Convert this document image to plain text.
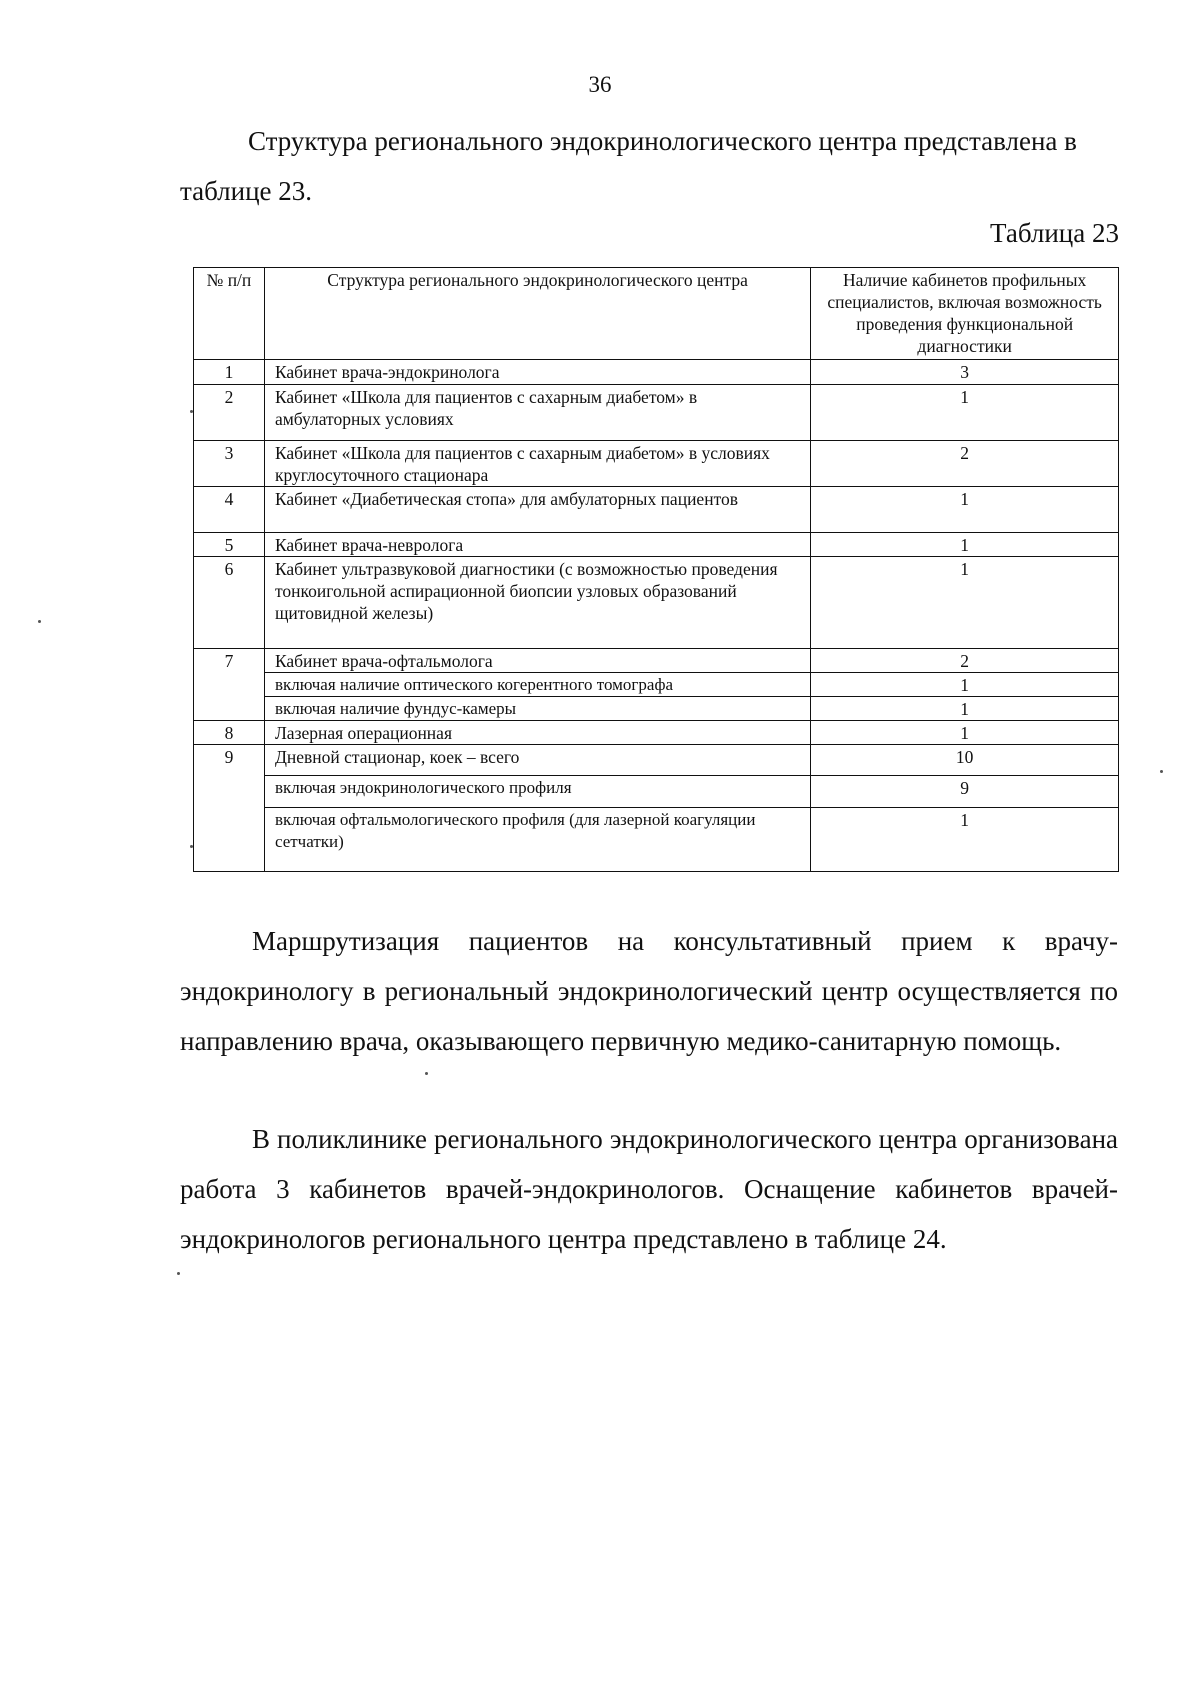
36

Структура регионального эндокринологического центра представлена в таблице 23.

Таблица 23
№ п/п	Структура регионального эндокринологического центра	Наличие кабинетов профильных специалистов, включая возможность проведения функциональной диагностики
1	Кабинет врача-эндокринолога	3
2	Кабинет «Школа для пациентов с сахарным диабетом» в амбулаторных условиях	1
3	Кабинет «Школа для пациентов с сахарным диабетом» в условиях круглосуточного стационара	2
4	Кабинет «Диабетическая стопа» для амбулаторных пациентов	1
5	Кабинет врача-невролога	1
6	Кабинет ультразвуковой диагностики (с возможностью проведения тонкоигольной аспирационной биопсии узловых образований щитовидной железы)	1
7	Кабинет врача-офтальмолога	2
	включая наличие оптического когерентного томографа	1
	включая наличие фундус-камеры	1
8	Лазерная операционная	1
9	Дневной стационар, коек – всего	10
	включая эндокринологического профиля	9
	включая офтальмологического профиля (для лазерной коагуляции сетчатки)	1

Маршрутизация пациентов на консультативный прием к врачу-эндокринологу в региональный эндокринологический центр осуществляется по направлению врача, оказывающего первичную медико-санитарную помощь.

В поликлинике регионального эндокринологического центра организована работа 3 кабинетов врачей-эндокринологов. Оснащение кабинетов врачей-эндокринологов регионального центра представлено в таблице 24.
